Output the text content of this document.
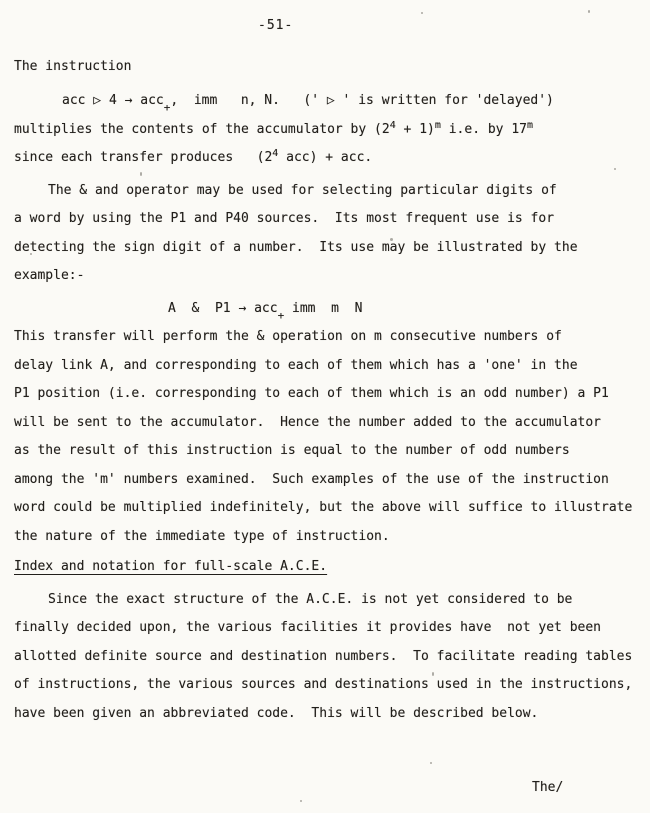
-51-
The instruction
acc ▷ 4 → acc$_+$,  imm   n, N.   (' ▷ ' is written for 'delayed')
multiplies the contents of the accumulator by $(2^4 + 1)^m$ i.e. by 17$^m$
since each transfer produces   ($2^4$ acc) + acc.
The & and operator may be used for selecting particular digits of
a word by using the P1 and P40 sources.  Its most frequent use is for
detecting the sign digit of a number.  Its use may be illustrated by the
example:-
A  &  P1 → acc$_+$ imm  m  N
This transfer will perform the & operation on m consecutive numbers of
delay link A, and corresponding to each of them which has a 'one' in the
P1 position (i.e. corresponding to each of them which is an odd number) a P1
will be sent to the accumulator.  Hence the number added to the accumulator
as the result of this instruction is equal to the number of odd numbers
among the 'm' numbers examined.  Such examples of the use of the instruction
word could be multiplied indefinitely, but the above will suffice to illustrate
the nature of the immediate type of instruction.
Index and notation for full-scale A.C.E.
Since the exact structure of the A.C.E. is not yet considered to be
finally decided upon, the various facilities it provides have  not yet been
allotted definite source and destination numbers.  To facilitate reading tables
of instructions, the various sources and destinations used in the instructions,
have been given an abbreviated code.  This will be described below.
The/
